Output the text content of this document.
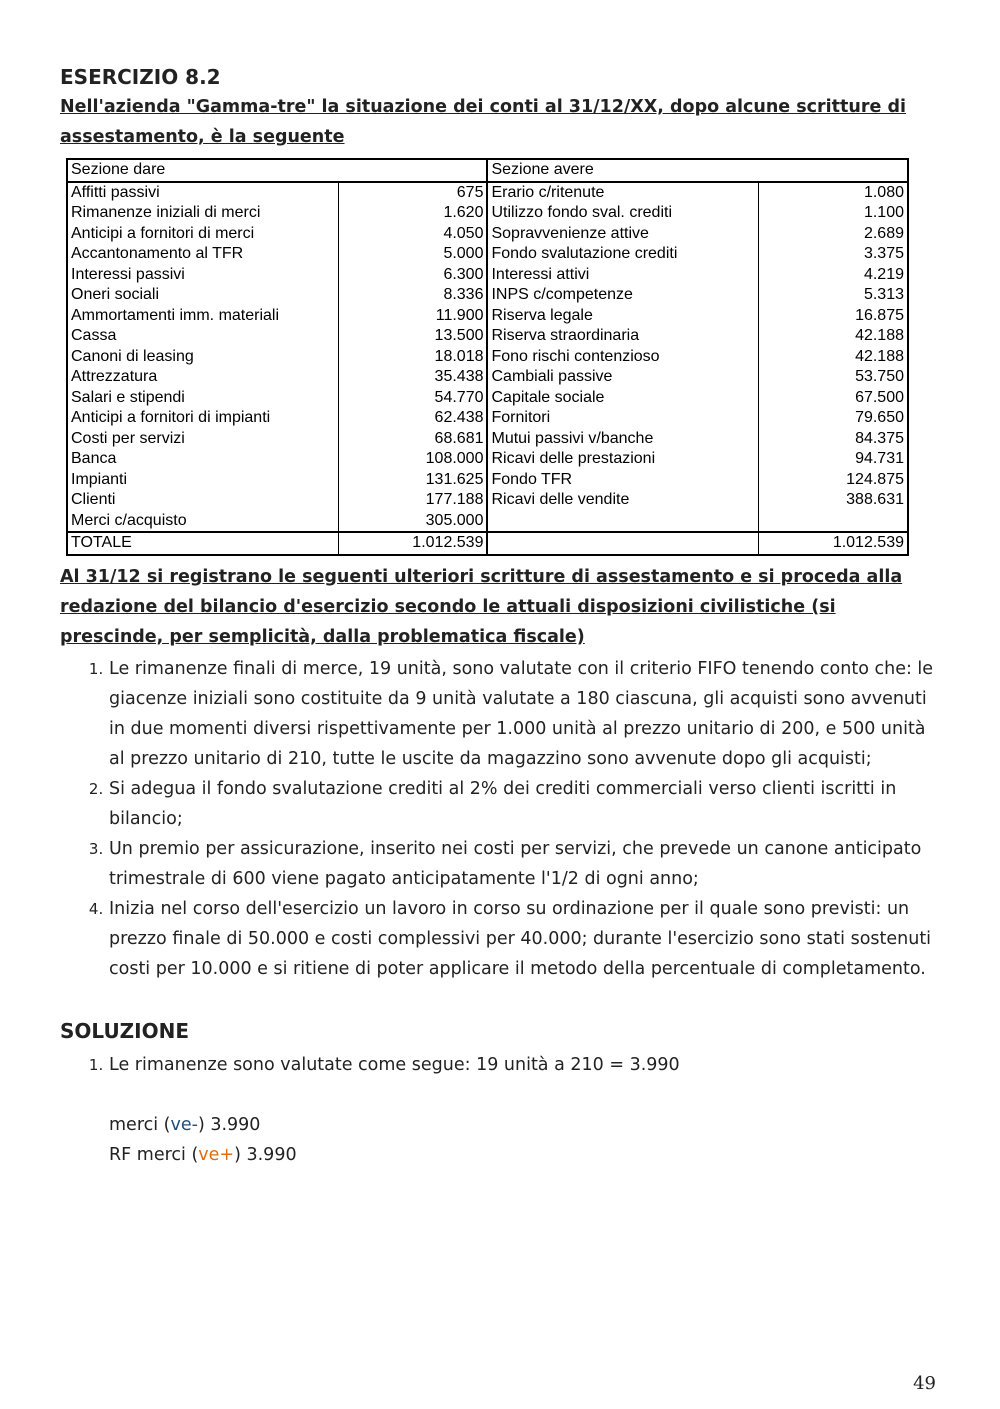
ESERCIZIO 8.2

Nell'azienda "Gamma-tre" la situazione dei conti al 31/12/XX, dopo alcune scritture di assestamento, è la seguente

Sezione dare		Sezione avere	
Affitti passivi	675	Erario c/ritenute	1.080
Rimanenze iniziali di merci	1.620	Utilizzo fondo sval. crediti	1.100
Anticipi a fornitori di merci	4.050	Sopravvenienze attive	2.689
Accantonamento al TFR	5.000	Fondo svalutazione crediti	3.375
Interessi passivi	6.300	Interessi attivi	4.219
Oneri sociali	8.336	INPS c/competenze	5.313
Ammortamenti imm. materiali	11.900	Riserva legale	16.875
Cassa	13.500	Riserva straordinaria	42.188
Canoni di leasing	18.018	Fono rischi contenzioso	42.188
Attrezzatura	35.438	Cambiali passive	53.750
Salari e stipendi	54.770	Capitale sociale	67.500
Anticipi a fornitori di impianti	62.438	Fornitori	79.650
Costi per servizi	68.681	Mutui passivi v/banche	84.375
Banca	108.000	Ricavi delle prestazioni	94.731
Impianti	131.625	Fondo TFR	124.875
Clienti	177.188	Ricavi delle vendite	388.631
Merci c/acquisto	305.000		
TOTALE	1.012.539		1.012.539

Al 31/12 si registrano le seguenti ulteriori scritture di assestamento e si proceda alla redazione del bilancio d'esercizio secondo le attuali disposizioni civilistiche (si prescinde, per semplicità, dalla problematica fiscale)

1. Le rimanenze finali di merce, 19 unità, sono valutate con il criterio FIFO tenendo conto che: le giacenze iniziali sono costituite da 9 unità valutate a 180 ciascuna, gli acquisti sono avvenuti in due momenti diversi rispettivamente per 1.000 unità al prezzo unitario di 200, e 500 unità al prezzo unitario di 210, tutte le uscite da magazzino sono avvenute dopo gli acquisti;
2. Si adegua il fondo svalutazione crediti al 2% dei crediti commerciali verso clienti iscritti in bilancio;
3. Un premio per assicurazione, inserito nei costi per servizi, che prevede un canone anticipato trimestrale di 600 viene pagato anticipatamente l'1/2 di ogni anno;
4. Inizia nel corso dell'esercizio un lavoro in corso su ordinazione per il quale sono previsti: un prezzo finale di 50.000 e costi complessivi per 40.000; durante l'esercizio sono stati sostenuti costi per 10.000 e si ritiene di poter applicare il metodo della percentuale di completamento.
SOLUZIONE
1. Le rimanenze sono valutate come segue: 19 unità a 210 = 3.990
merci (ve-) 3.990
RF merci (ve+) 3.990
49
